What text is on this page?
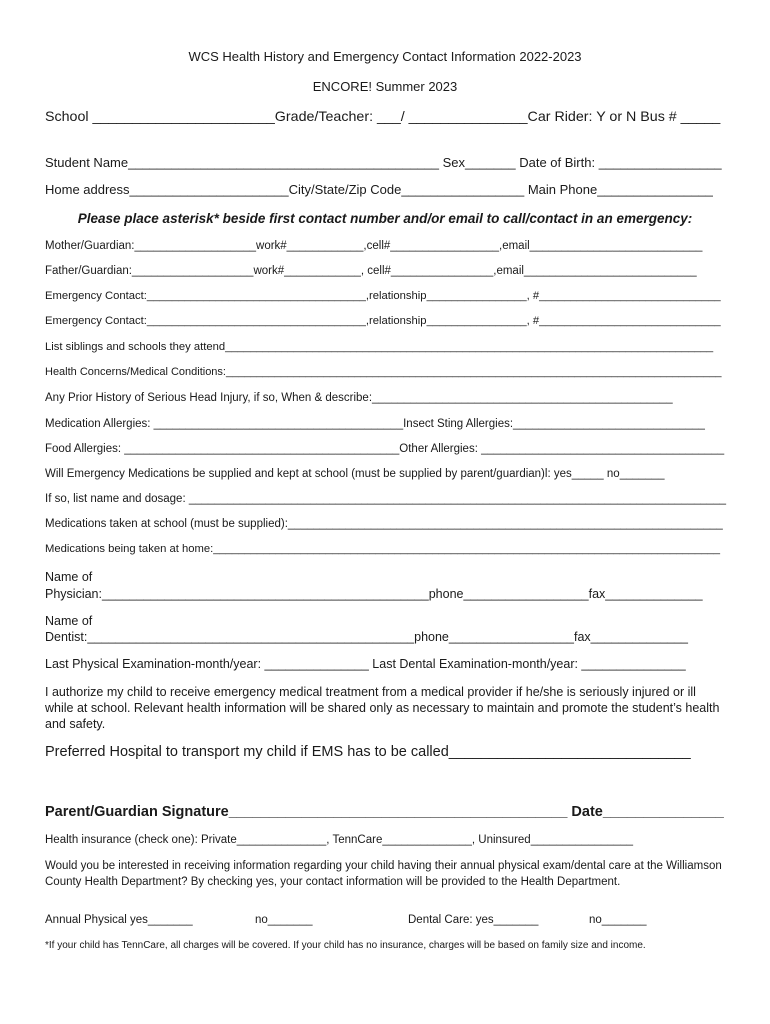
WCS Health History and Emergency Contact Information 2022-2023
ENCORE! Summer 2023
School _______________________Grade/Teacher: ___/ _______________Car Rider: Y or N Bus # _____
Student Name___________________________________________ Sex_______ Date of Birth: _________________
Home address______________________City/State/Zip Code_________________ Main Phone________________
Please place asterisk* beside first contact number and/or email to call/contact in an emergency:
Mother/Guardian:___________________work#____________,cell#_________________,email___________________________
Father/Guardian:___________________work#____________, cell#________________,email___________________________
Emergency Contact:___________________________________,relationship________________, #_____________________________
Emergency Contact:___________________________________,relationship________________, #_____________________________
List siblings and schools they attend______________________________________________________________________________
Health Concerns/Medical Conditions:_________________________________________________________________________________
Any Prior History of Serious Head Injury, if so, When & describe:_______________________________________________
Medication Allergies: _______________________________________Insect Sting Allergies:______________________________
Food Allergies: ___________________________________________Other Allergies: ______________________________________
Will Emergency Medications be supplied and kept at school (must be supplied by parent/guardian)l: yes_____ no_______
If so, list name and dosage: ____________________________________________________________________________________
Medications taken at school (must be supplied):____________________________________________________________________
Medications being taken at home:_________________________________________________________________________________
Name of
Physician:_______________________________________________phone__________________fax______________
Name of
Dentist:_______________________________________________phone__________________fax______________
Last Physical Examination-month/year: _______________ Last Dental Examination-month/year: _______________
I authorize my child to receive emergency medical treatment from a medical provider if he/she is seriously injured or ill while at school. Relevant health information will be shared only as necessary to maintain and promote the student’s health and safety.
Preferred Hospital to transport my child if EMS has to be called______________________________
Parent/Guardian Signature__________________________________________ Date_______________
Health insurance (check one): Private______________, TennCare______________, Uninsured________________
Would you be interested in receiving information regarding your child having their annual physical exam/dental care at the Williamson County Health Department? By checking yes, your contact information will be provided to the Health Department.
Annual Physical yes_______	no_______	Dental Care: yes_______	no_______
*If your child has TennCare, all charges will be covered. If your child has no insurance, charges will be based on family size and income.
